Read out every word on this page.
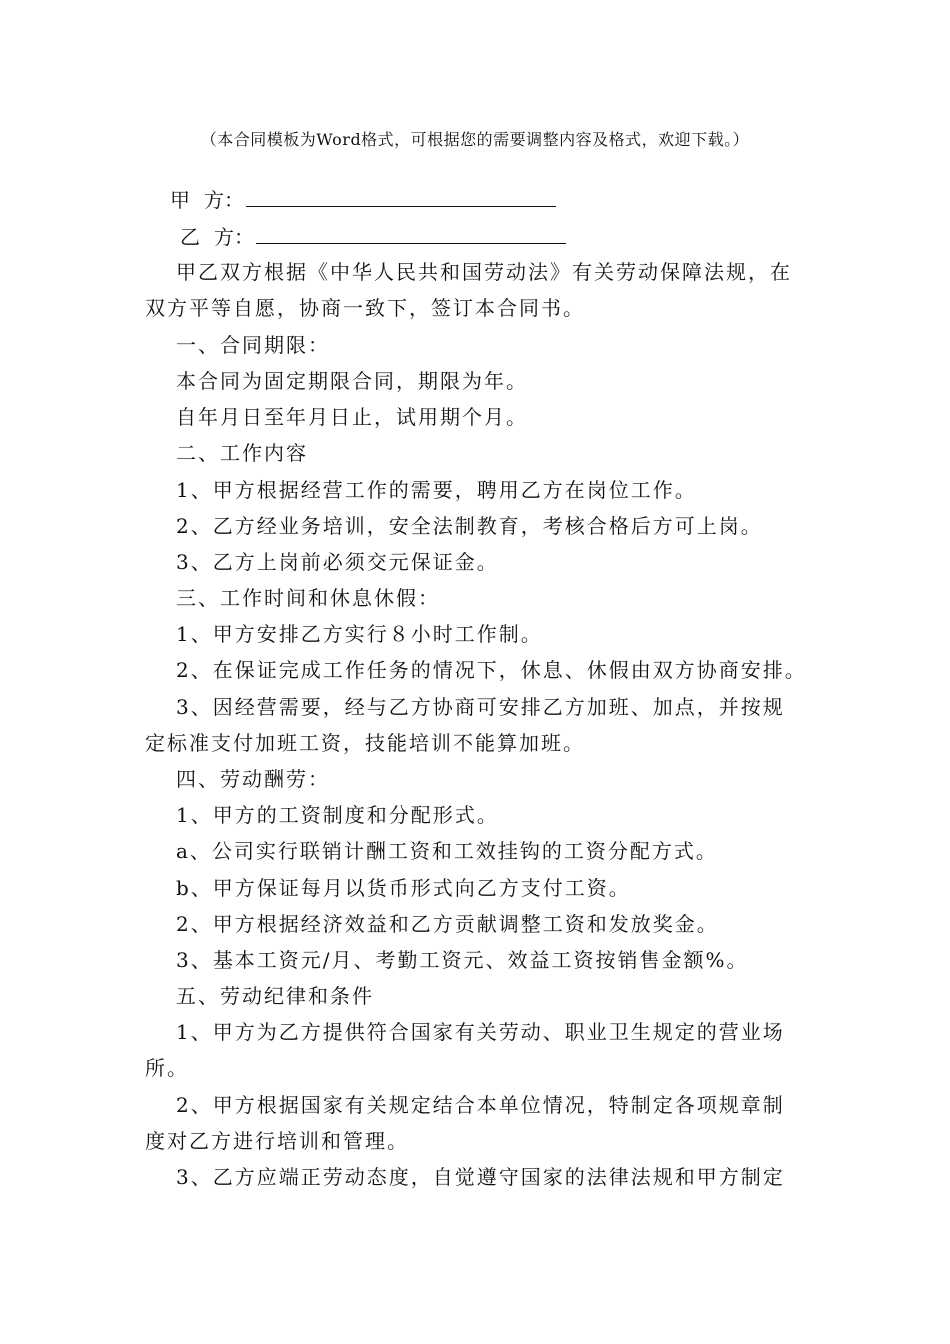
（本合同模板为Word格式，可根据您的需要调整内容及格式，欢迎下载。）
甲 方：
乙 方：
甲乙双方根据《中华人民共和国劳动法》有关劳动保障法规，在
双方平等自愿，协商一致下，签订本合同书。
一、合同期限：
本合同为固定期限合同，期限为年。
自年月日至年月日止，试用期个月。
二、工作内容
1、甲方根据经营工作的需要，聘用乙方在岗位工作。
2、乙方经业务培训，安全法制教育，考核合格后方可上岗。
3、乙方上岗前必须交元保证金。
三、工作时间和休息休假：
1、甲方安排乙方实行８小时工作制。
2、在保证完成工作任务的情况下，休息、休假由双方协商安排。
3、因经营需要，经与乙方协商可安排乙方加班、加点，并按规
定标准支付加班工资，技能培训不能算加班。
四、劳动酬劳：
1、甲方的工资制度和分配形式。
a、公司实行联销计酬工资和工效挂钩的工资分配方式。
b、甲方保证每月以货币形式向乙方支付工资。
2、甲方根据经济效益和乙方贡献调整工资和发放奖金。
3、基本工资元/月、考勤工资元、效益工资按销售金额%。
五、劳动纪律和条件
1、甲方为乙方提供符合国家有关劳动、职业卫生规定的营业场
所。
2、甲方根据国家有关规定结合本单位情况，特制定各项规章制
度对乙方进行培训和管理。
3、乙方应端正劳动态度，自觉遵守国家的法律法规和甲方制定
